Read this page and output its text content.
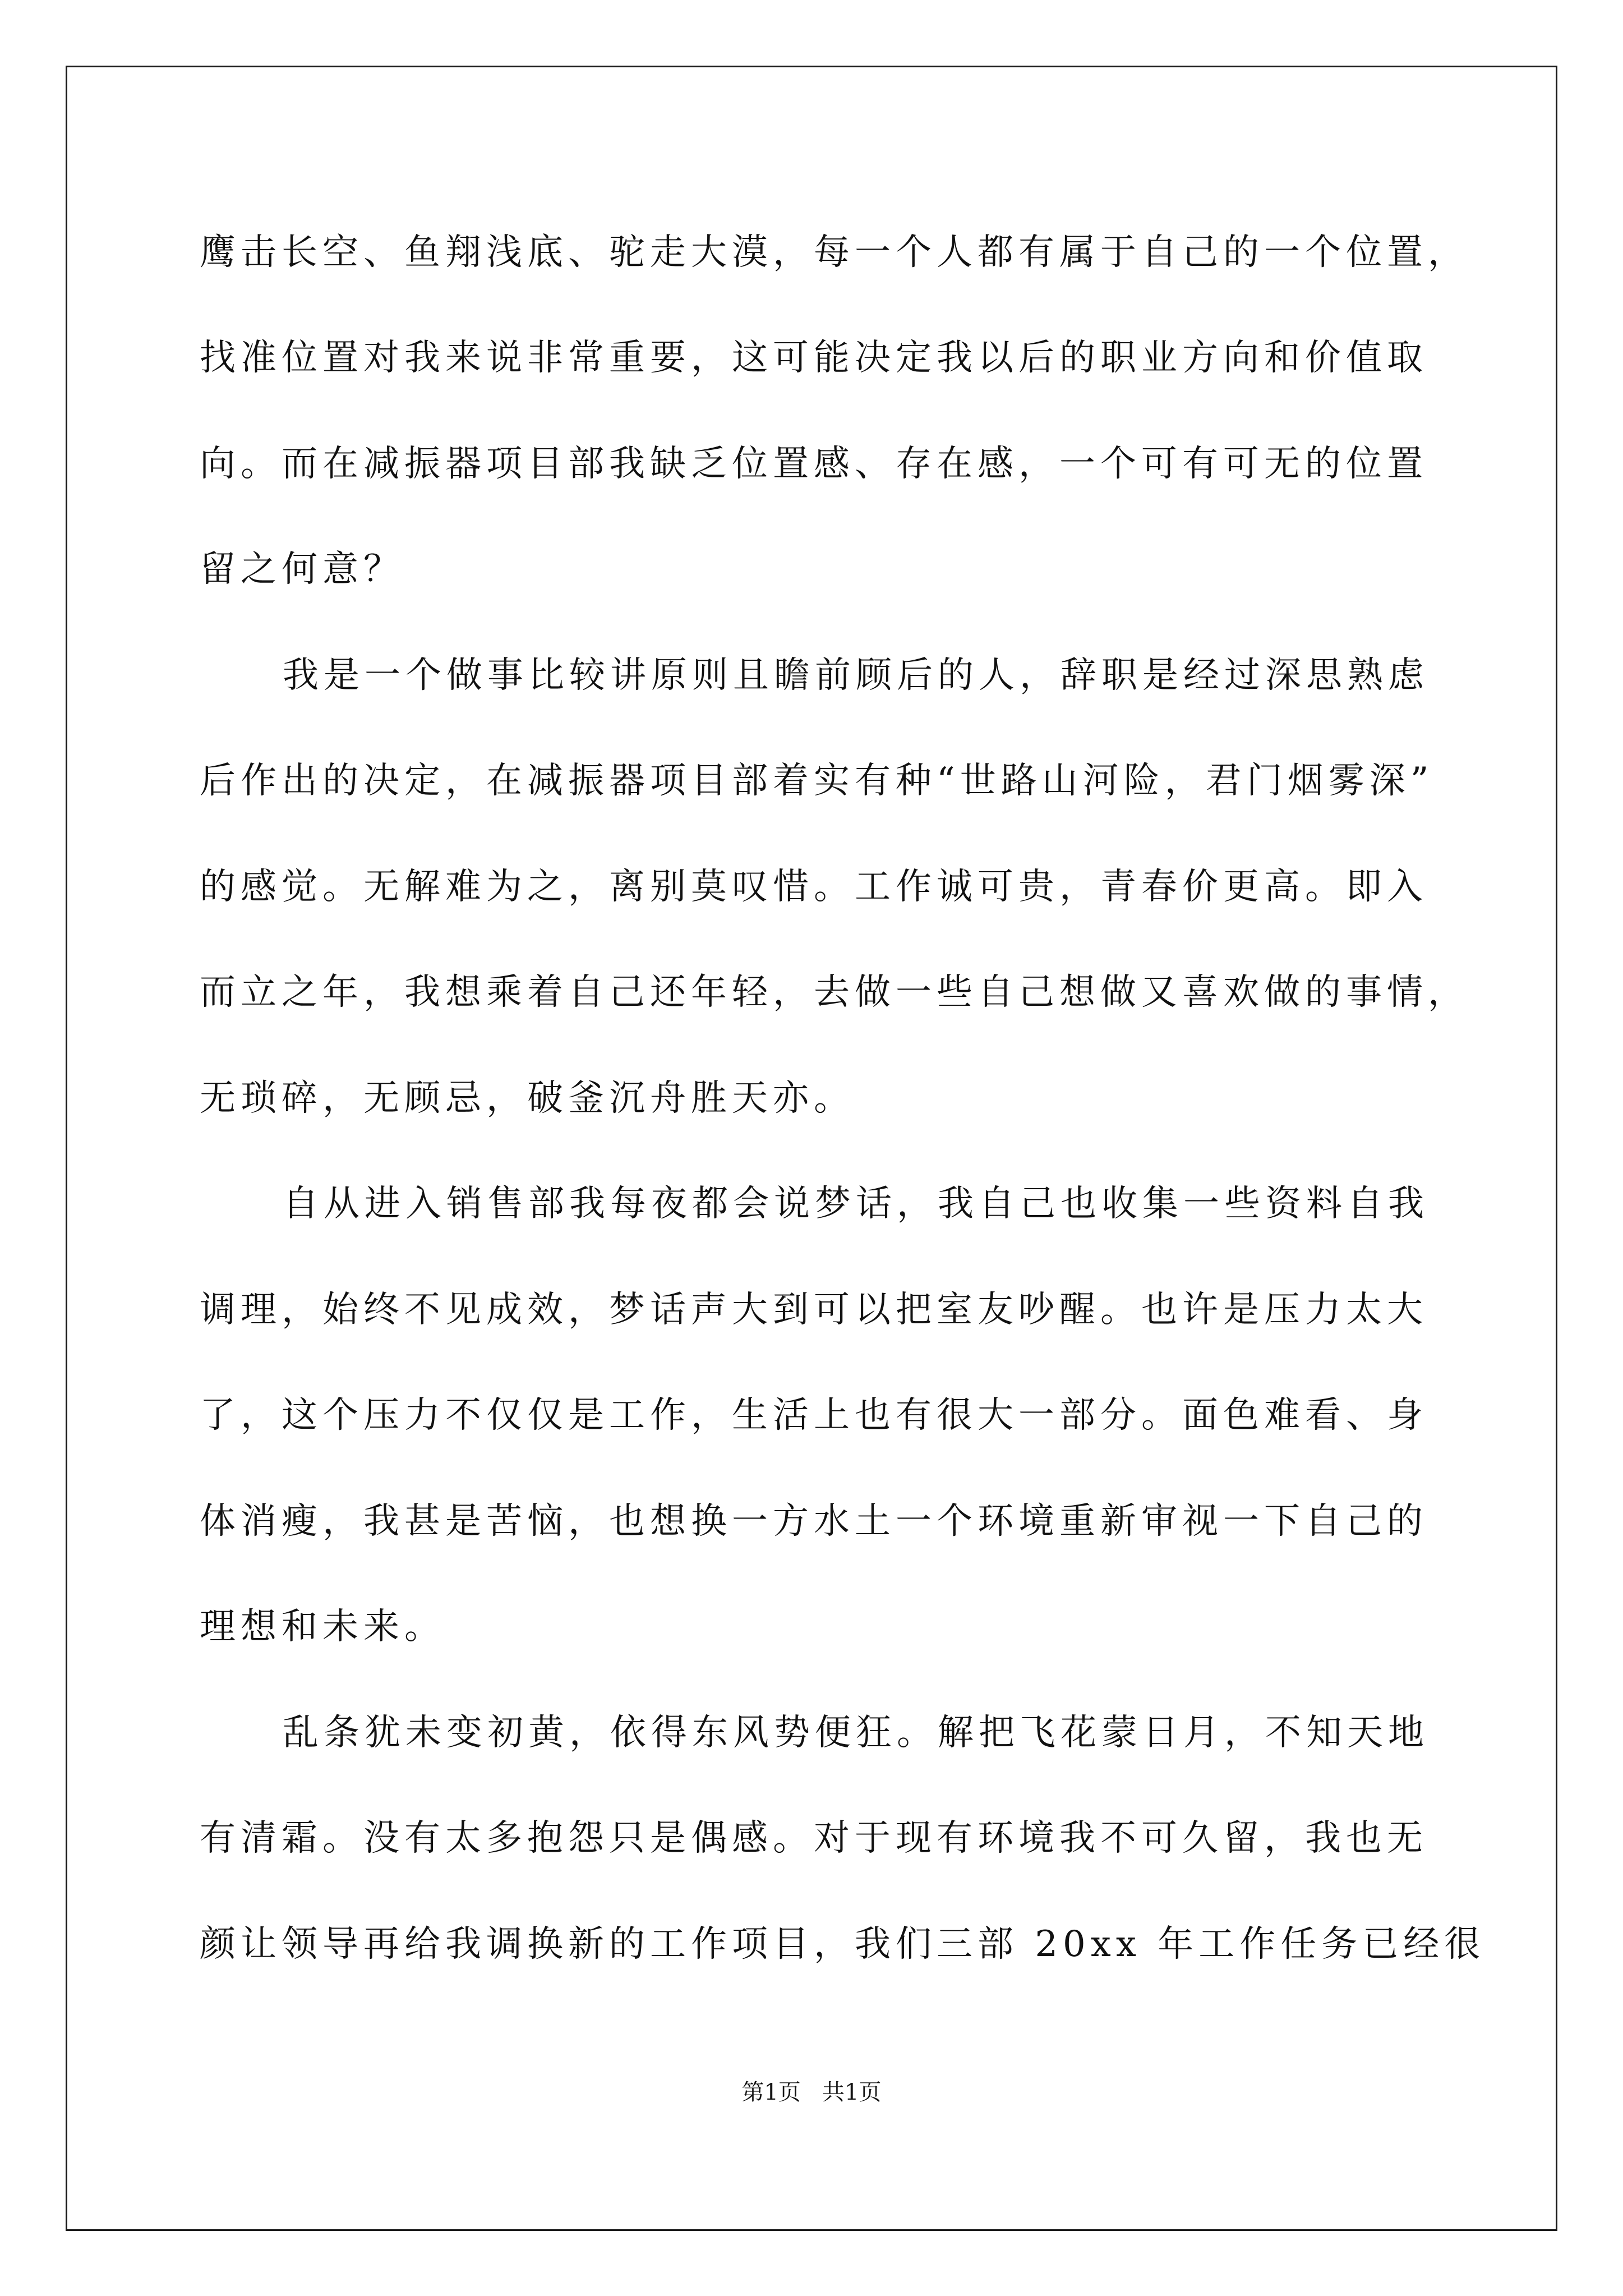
鹰击长空、鱼翔浅底、驼走大漠，每一个人都有属于自己的一个位置，
找准位置对我来说非常重要，这可能决定我以后的职业方向和价值取
向。而在减振器项目部我缺乏位置感、存在感，一个可有可无的位置
留之何意？
我是一个做事比较讲原则且瞻前顾后的人，辞职是经过深思熟虑
后作出的决定，在减振器项目部着实有种“世路山河险，君门烟雾深”
的感觉。无解难为之，离别莫叹惜。工作诚可贵，青春价更高。即入
而立之年，我想乘着自己还年轻，去做一些自己想做又喜欢做的事情，
无琐碎，无顾忌，破釜沉舟胜天亦。
自从进入销售部我每夜都会说梦话，我自己也收集一些资料自我
调理，始终不见成效，梦话声大到可以把室友吵醒。也许是压力太大
了，这个压力不仅仅是工作，生活上也有很大一部分。面色难看、身
体消瘦，我甚是苦恼，也想换一方水土一个环境重新审视一下自己的
理想和未来。
乱条犹未变初黄，依得东风势便狂。解把飞花蒙日月，不知天地
有清霜。没有太多抱怨只是偶感。对于现有环境我不可久留，我也无
颜让领导再给我调换新的工作项目，我们三部 20xx 年工作任务已经很
第1页   共1页
